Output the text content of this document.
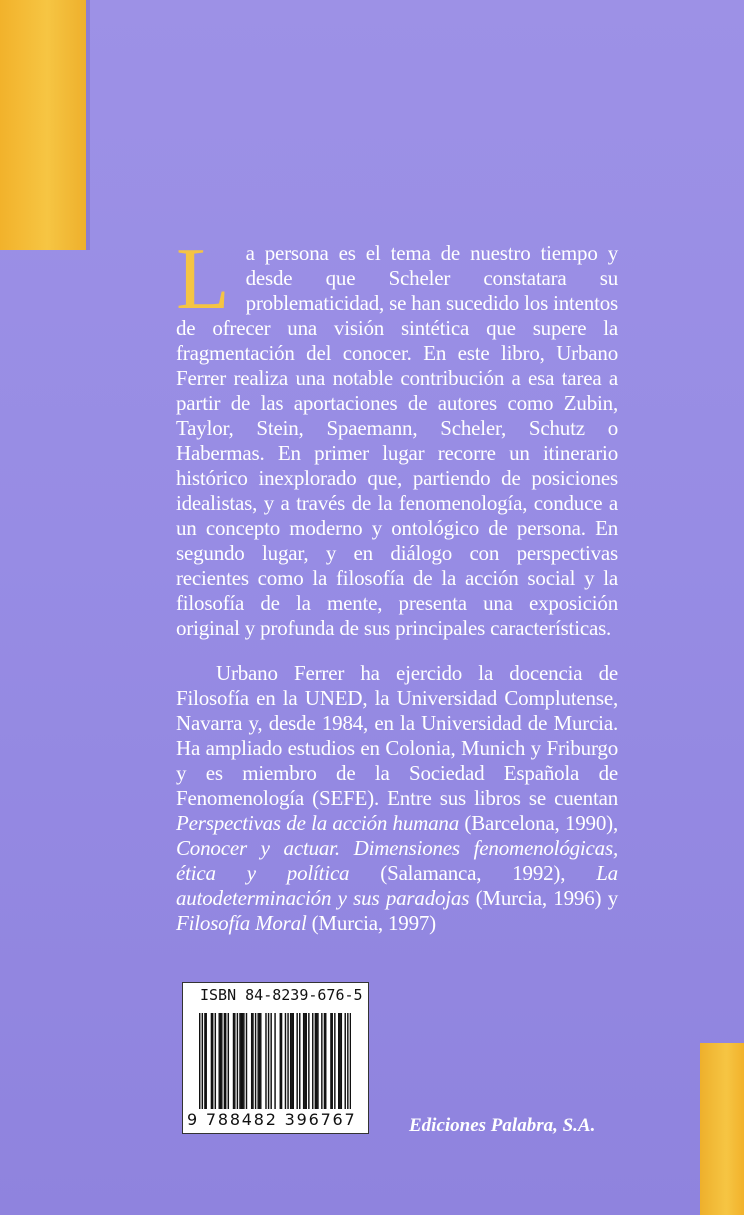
La persona es el tema de nuestro tiempo y desde que Scheler constatara su problematicidad, se han sucedido los intentos de ofrecer una visión sintética que supere la fragmentación del conocer. En este libro, Urbano Ferrer realiza una notable contribución a esa tarea a partir de las aportaciones de autores como Zubin, Taylor, Stein, Spaemann, Scheler, Schutz o Habermas. En primer lugar recorre un itinerario histórico inexplorado que, partiendo de posiciones idealistas, y a través de la fenomenología, conduce a un concepto moderno y ontológico de persona. En segundo lugar, y en diálogo con perspectivas recientes como la filosofía de la acción social y la filosofía de la mente, presenta una exposición original y profunda de sus principales características.

Urbano Ferrer ha ejercido la docencia de Filosofía en la UNED, la Universidad Complutense, Navarra y, desde 1984, en la Universidad de Murcia. Ha ampliado estudios en Colonia, Munich y Friburgo y es miembro de la Sociedad Española de Fenomenología (SEFE). Entre sus libros se cuentan Perspectivas de la acción humana (Barcelona, 1990), Conocer y actuar. Dimensiones fenomenológicas, ética y política (Salamanca, 1992), La autodeterminación y sus paradojas (Murcia, 1996) y Filosofía Moral (Murcia, 1997)

ISBN 84-8239-676-5
9 788482 396767	Ediciones Palabra, S.A.
